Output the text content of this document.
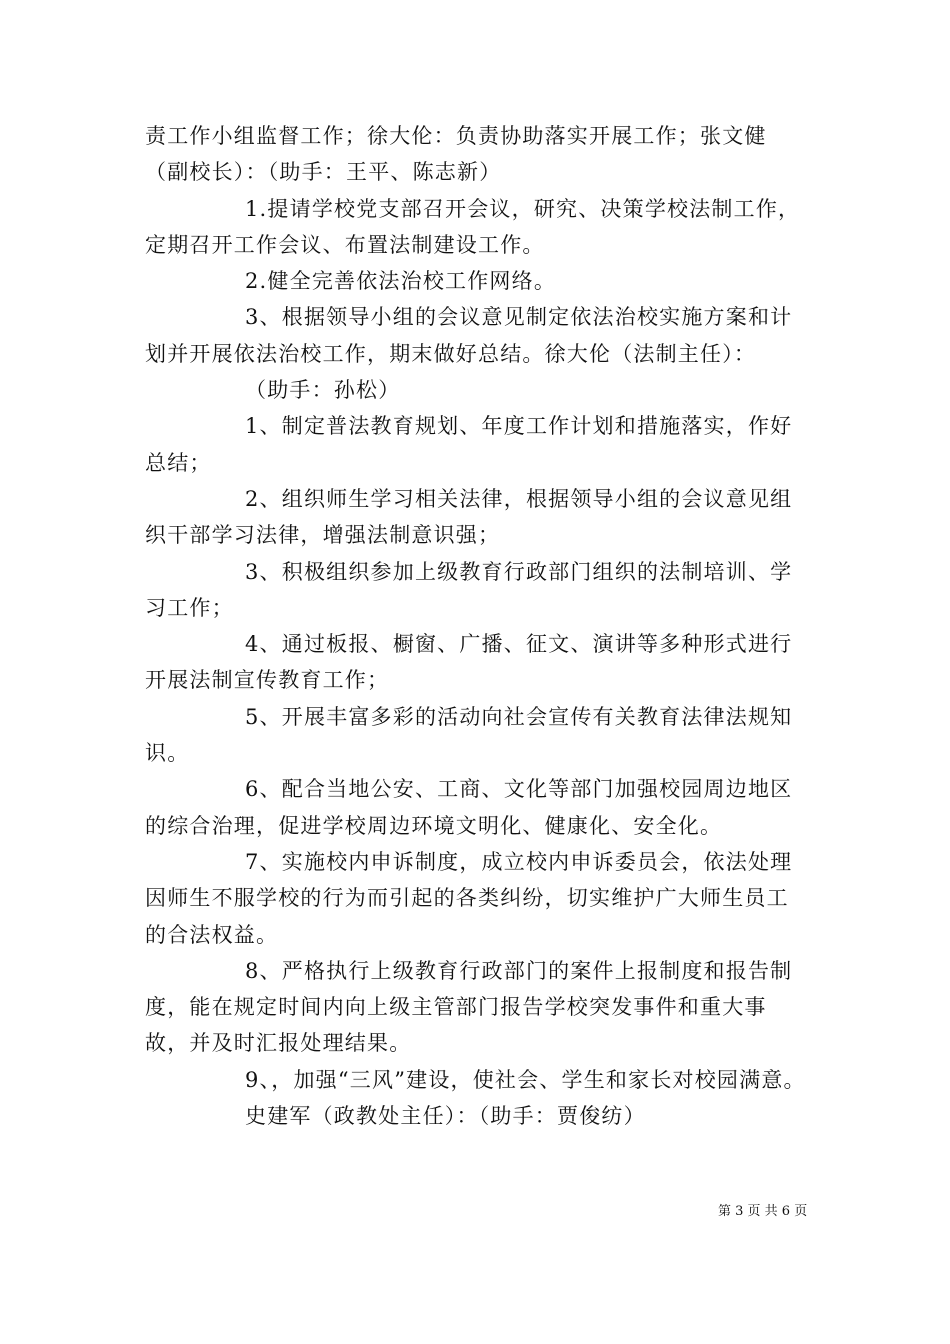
责工作小组监督工作；徐大伦：负责协助落实开展工作；张文健（副校长）：（助手：王平、陈志新）

1.提请学校党支部召开会议，研究、决策学校法制工作，定期召开工作会议、布置法制建设工作。

2.健全完善依法治校工作网络。

3、根据领导小组的会议意见制定依法治校实施方案和计划并开展依法治校工作，期末做好总结。徐大伦（法制主任）：

（助手：孙松）

1、制定普法教育规划、年度工作计划和措施落实，作好总结；

2、组织师生学习相关法律，根据领导小组的会议意见组织干部学习法律，增强法制意识强；

3、积极组织参加上级教育行政部门组织的法制培训、学习工作；

4、通过板报、橱窗、广播、征文、演讲等多种形式进行开展法制宣传教育工作；

5、开展丰富多彩的活动向社会宣传有关教育法律法规知识。

6、配合当地公安、工商、文化等部门加强校园周边地区的综合治理，促进学校周边环境文明化、健康化、安全化。

7、实施校内申诉制度，成立校内申诉委员会，依法处理因师生不服学校的行为而引起的各类纠纷，切实维护广大师生员工的合法权益。

8、严格执行上级教育行政部门的案件上报制度和报告制度，能在规定时间内向上级主管部门报告学校突发事件和重大事故，并及时汇报处理结果。

9、，加强“三风”建设，使社会、学生和家长对校园满意。

史建军（政教处主任）：（助手：贾俊纺）

第 3 页 共 6 页
